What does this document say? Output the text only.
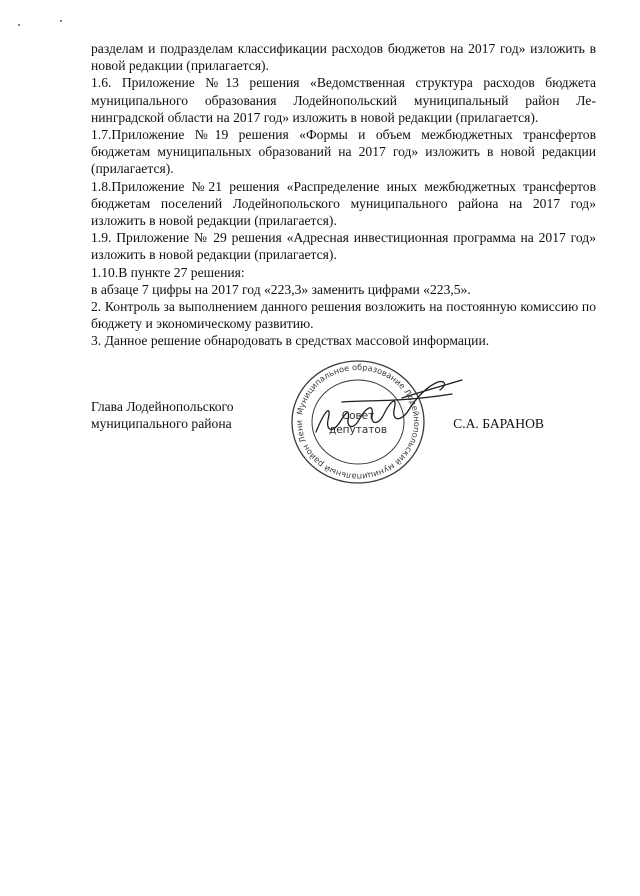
разделам и подразделам классификации расходов бюджетов на 2017 год» изложить в новой редакции (прилагается).

1.6. Приложение №13 решения «Ведомственная структура расходов бюджета муниципального образования Лодейнопольский муниципальный район Ленинградской области на 2017 год» изложить в новой редакции (прилагается).

1.7.Приложение №19 решения «Формы и объем межбюджетных трансфертов бюджетам муниципальных образований на 2017 год» изложить в новой редакции (прилагается).

1.8.Приложение №21 решения «Распределение иных межбюджетных трансфертов бюджетам поселений Лодейнопольского муниципального района на 2017 год» изложить в новой редакции (прилагается).

1.9. Приложение № 29 решения «Адресная инвестиционная программа на 2017 год» изложить в новой редакции (прилагается).

1.10.В пункте 27 решения:

в абзаце 7 цифры на 2017 год «223,3» заменить цифрами «223,5».

2. Контроль за выполнением данного решения возложить на постоянную комиссию по бюджету и экономическому развитию.

3. Данное решение обнародовать в средствах массовой информации.

Муниципальное образование Лодейнопольский муниципальный район Ленинградской области
Совет
депутатов
Глава Лодейнопольского
муниципального района	С.А. БАРАНОВ
